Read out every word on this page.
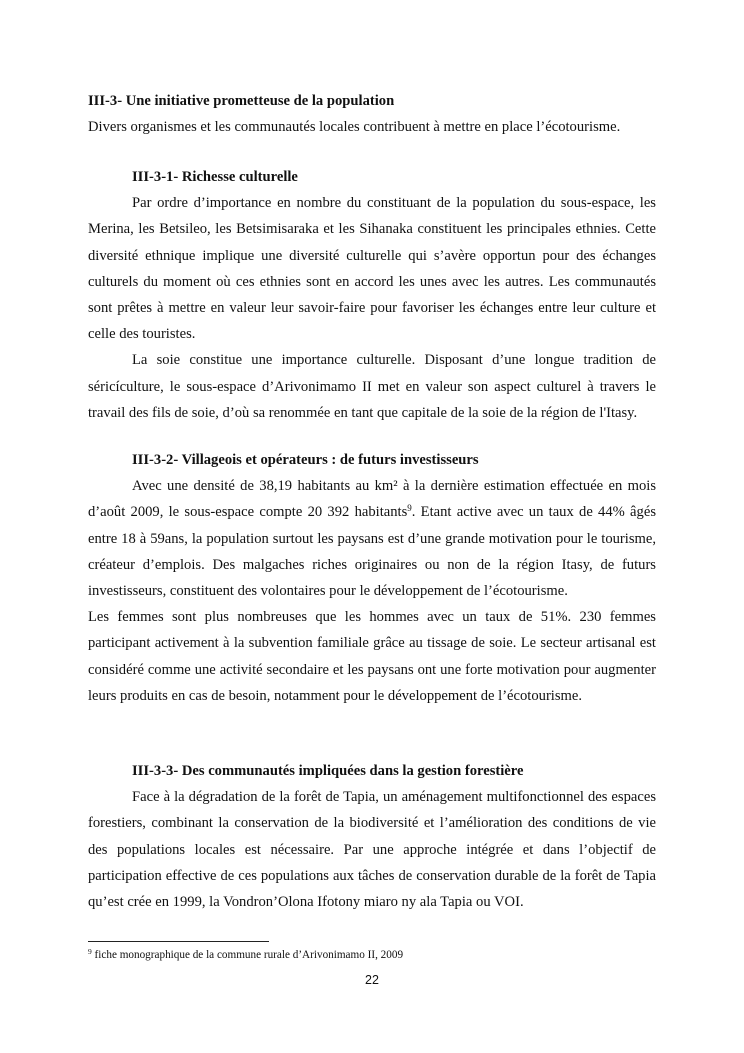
III-3- Une initiative prometteuse de la population

Divers organismes et les communautés locales contribuent à mettre en place l’écotourisme.

III-3-1- Richesse culturelle

Par ordre d’importance en nombre du constituant de la population du sous-espace, les Merina, les Betsileo, les Betsimisaraka et les Sihanaka constituent les principales ethnies. Cette diversité ethnique implique une diversité culturelle qui s’avère opportun pour des échanges culturels du moment où ces ethnies sont en accord les unes avec les autres. Les communautés sont prêtes à mettre en valeur leur savoir-faire pour favoriser les échanges entre leur culture et celle des touristes.

La soie constitue une importance culturelle. Disposant d’une longue tradition de séricículture, le sous-espace d’Arivonimamo II met en valeur son aspect culturel à travers le travail des fils de soie, d’où sa renommée en tant que capitale de la soie de la région de l'Itasy.

III-3-2- Villageois et opérateurs : de futurs investisseurs

Avec une densité de 38,19 habitants au km² à la dernière estimation effectuée en mois d’août 2009, le sous-espace compte 20 392 habitants$^9$. Etant active avec un taux de 44% âgés entre 18 à 59ans, la population surtout les paysans est d’une grande motivation pour le tourisme, créateur d’emplois. Des malgaches riches originaires ou non de la région Itasy, de futurs investisseurs, constituent des volontaires pour le développement de l’écotourisme.

Les femmes sont plus nombreuses que les hommes avec un taux de 51%. 230 femmes participant activement à la subvention familiale grâce au tissage de soie. Le secteur artisanal est considéré comme une activité secondaire et les paysans ont une forte motivation pour augmenter leurs produits en cas de besoin, notamment pour le développement de l’écotourisme.

III-3-3- Des communautés impliquées dans la gestion forestière

Face à la dégradation de la forêt de Tapia, un aménagement multifonctionnel des espaces forestiers, combinant la conservation de la biodiversité et l’amélioration des conditions de vie des populations locales est nécessaire. Par une approche intégrée et dans l’objectif de participation effective de ces populations aux tâches de conservation durable de la forêt de Tapia qu’est crée en 1999, la Vondron’Olona Ifotony miaro ny ala Tapia ou VOI.

$^9$ fiche monographique de la commune rurale d’Arivonimamo II, 2009
22
